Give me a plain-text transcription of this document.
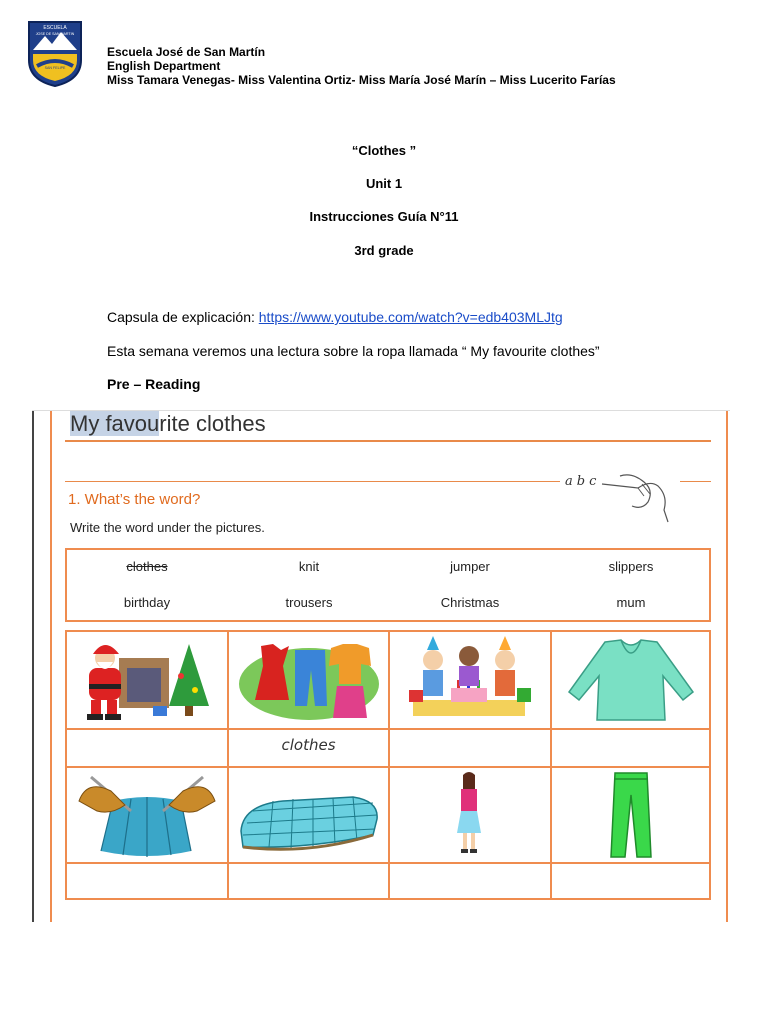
ESCUELA
JOSE DE SAN MARTIN
SAN FELIPE
Escuela José de San Martín
English Department
Miss Tamara Venegas- Miss Valentina Ortiz- Miss María José Marín – Miss Lucerito Farías
“Clothes ”
Unit 1
Instrucciones Guía N°11
3rd grade
Capsula de explicación: https://www.youtube.com/watch?v=edb403MLJtg
Esta semana veremos una lectura sobre la ropa llamada “ My favourite clothes”
Pre – Reading
My favourite clothes
abc
1. What’s the word?
Write the word under the pictures.
clothes	knit	jumper	slippers
birthday	trousers	Christmas	mum
clothes
